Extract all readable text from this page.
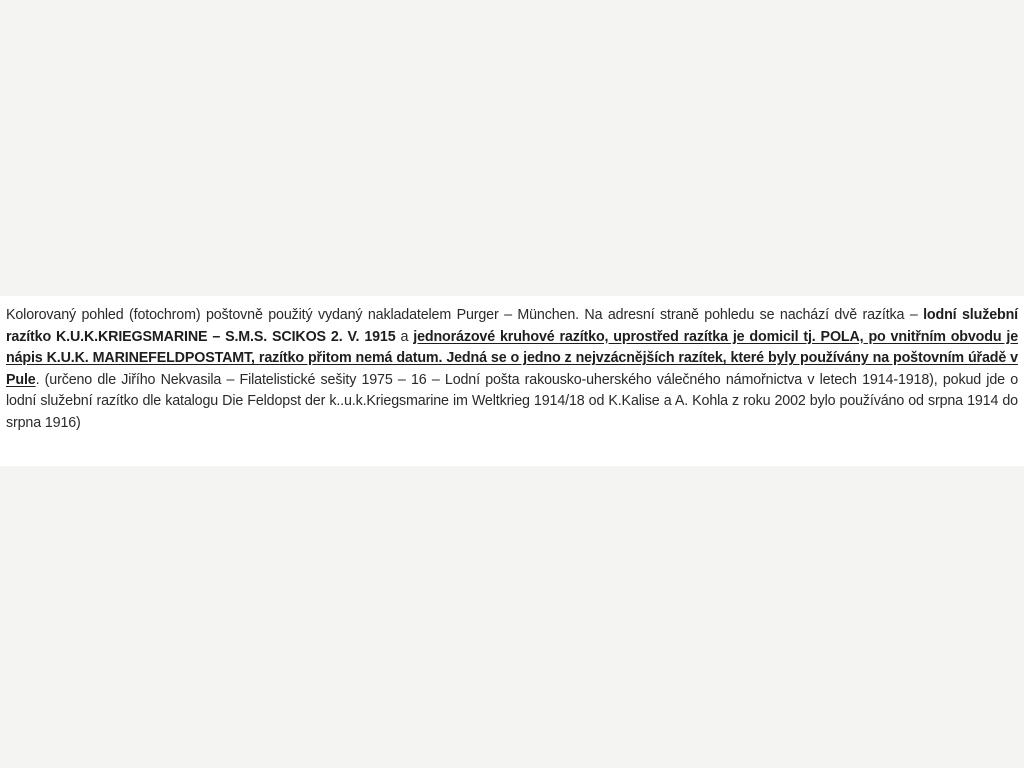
Kolorovaný pohled (fotochrom) poštovně použitý vydaný nakladatelem Purger – München. Na adresní straně pohledu se nachází dvě razítka – lodní služební razítko K.U.K.KRIEGSMARINE – S.M.S. SCIKOS 2. V. 1915 a jednorázové kruhové razítko, uprostřed razítka je domicil tj. POLA, po vnitřním obvodu je nápis K.U.K. MARINEFELDPOSTAMT, razítko přitom nemá datum. Jedná se o jedno z nejvzácnějších razítek, které byly používány na poštovním úřadě v Pule. (určeno dle Jiřího Nekvasila – Filatelistické sešity 1975 – 16 – Lodní pošta rakousko-uherského válečného námořnictva v letech 1914-1918), pokud jde o lodní služební razítko dle katalogu Die Feldopst der k..u.k.Kriegsmarine im Weltkrieg 1914/18 od K.Kalise a A. Kohla z roku 2002 bylo používáno od srpna 1914 do srpna 1916)
